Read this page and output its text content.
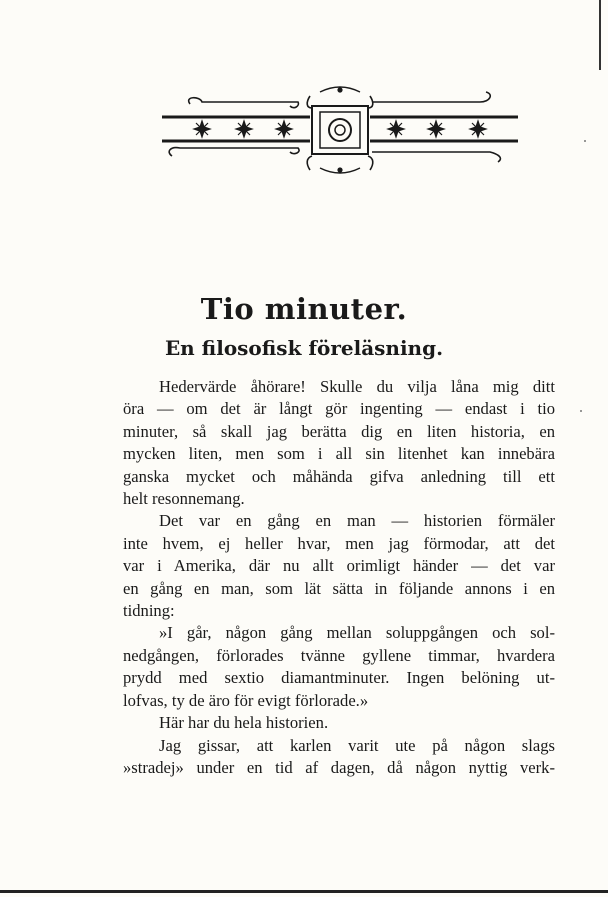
Tio minuter.
En filosofisk föreläsning.
Hedervärde åhörare! Skulle du vilja låna mig ditt
öra — om det är långt gör ingenting — endast i tio
minuter, så skall jag berätta dig en liten historia, en
mycken liten, men som i all sin litenhet kan innebära
ganska mycket och måhända gifva anledning till ett
helt resonnemang.
Det var en gång en man — historien förmäler
inte hvem, ej heller hvar, men jag förmodar, att det
var i Amerika, där nu allt orimligt händer — det var
en gång en man, som lät sätta in följande annons i en
tidning:
»I går, någon gång mellan soluppgången och sol-
nedgången, förlorades tvänne gyllene timmar, hvardera
prydd med sextio diamantminuter. Ingen belöning ut-
lofvas, ty de äro för evigt förlorade.»
Här har du hela historien.
Jag gissar, att karlen varit ute på någon slags
»stradej» under en tid af dagen, då någon nyttig verk-
